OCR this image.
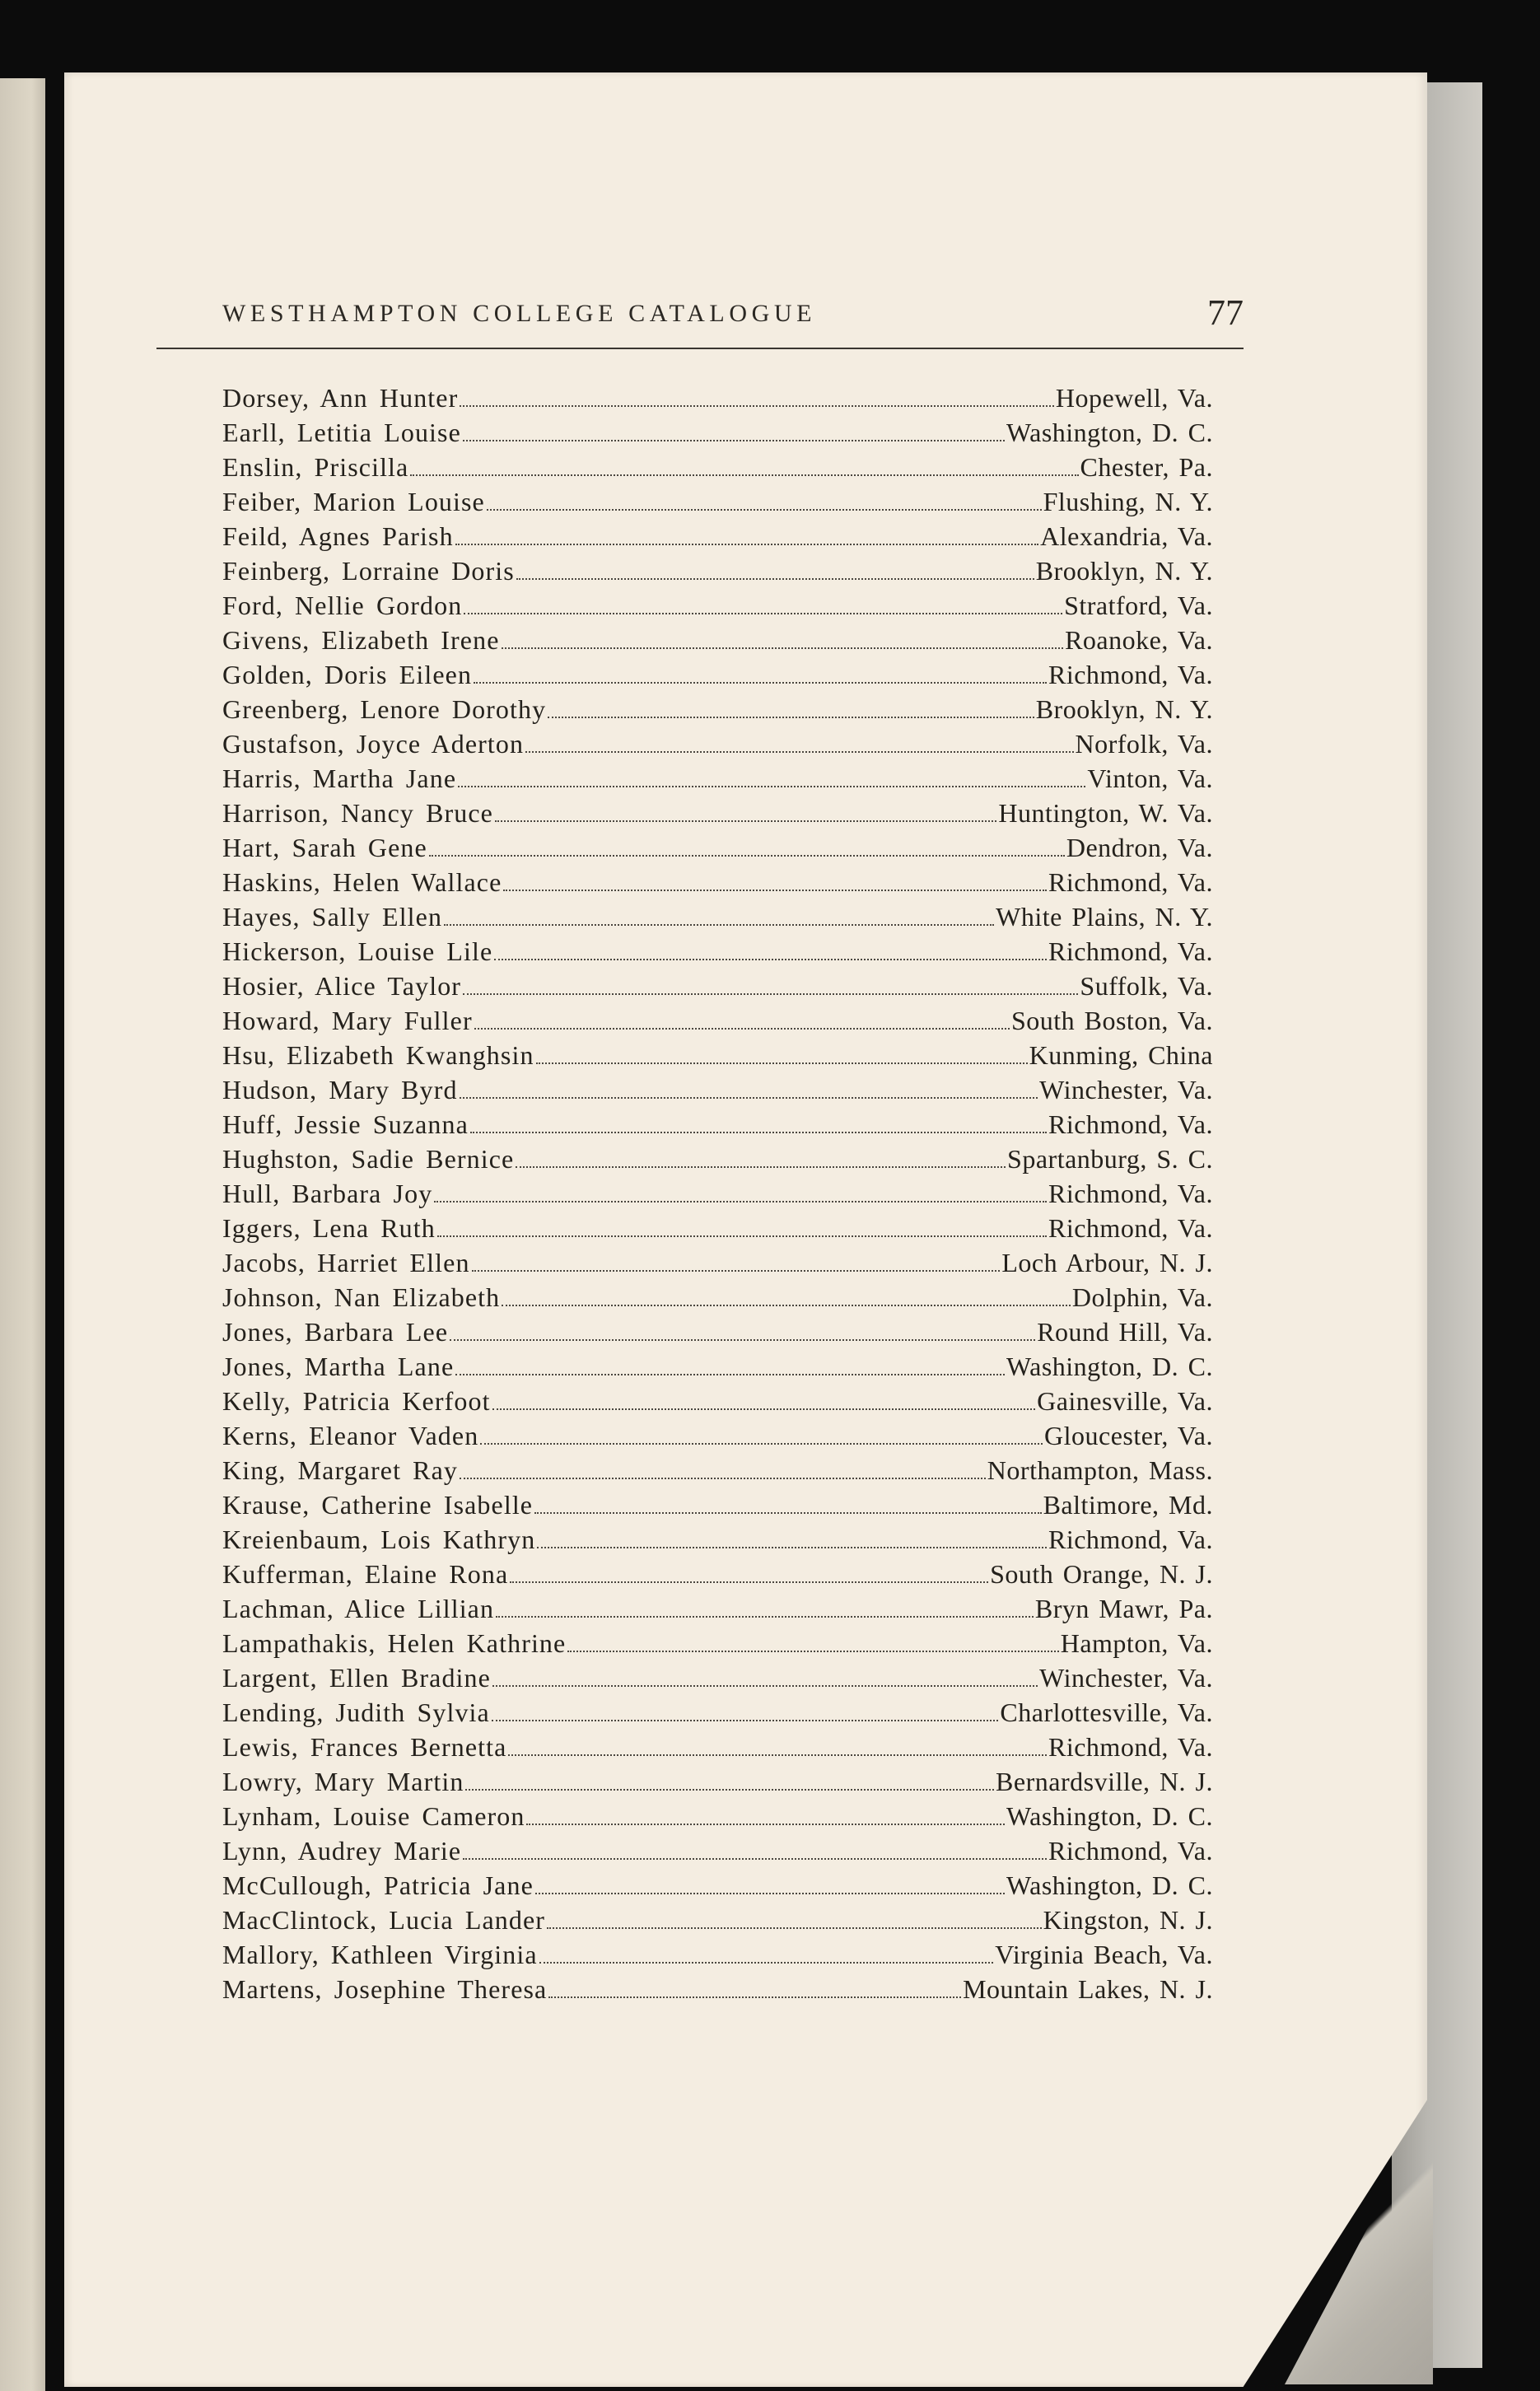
WESTHAMPTON COLLEGE CATALOGUE	77
Dorsey, Ann Hunter	Hopewell, Va.
Earll, Letitia Louise	Washington, D. C.
Enslin, Priscilla	Chester, Pa.
Feiber, Marion Louise	Flushing, N. Y.
Feild, Agnes Parish	Alexandria, Va.
Feinberg, Lorraine Doris	Brooklyn, N. Y.
Ford, Nellie Gordon	Stratford, Va.
Givens, Elizabeth Irene	Roanoke, Va.
Golden, Doris Eileen	Richmond, Va.
Greenberg, Lenore Dorothy	Brooklyn, N. Y.
Gustafson, Joyce Aderton	Norfolk, Va.
Harris, Martha Jane	Vinton, Va.
Harrison, Nancy Bruce	Huntington, W. Va.
Hart, Sarah Gene	Dendron, Va.
Haskins, Helen Wallace	Richmond, Va.
Hayes, Sally Ellen	White Plains, N. Y.
Hickerson, Louise Lile	Richmond, Va.
Hosier, Alice Taylor	Suffolk, Va.
Howard, Mary Fuller	South Boston, Va.
Hsu, Elizabeth Kwanghsin	Kunming, China
Hudson, Mary Byrd	Winchester, Va.
Huff, Jessie Suzanna	Richmond, Va.
Hughston, Sadie Bernice	Spartanburg, S. C.
Hull, Barbara Joy	Richmond, Va.
Iggers, Lena Ruth	Richmond, Va.
Jacobs, Harriet Ellen	Loch Arbour, N. J.
Johnson, Nan Elizabeth	Dolphin, Va.
Jones, Barbara Lee	Round Hill, Va.
Jones, Martha Lane	Washington, D. C.
Kelly, Patricia Kerfoot	Gainesville, Va.
Kerns, Eleanor Vaden	Gloucester, Va.
King, Margaret Ray	Northampton, Mass.
Krause, Catherine Isabelle	Baltimore, Md.
Kreienbaum, Lois Kathryn	Richmond, Va.
Kufferman, Elaine Rona	South Orange, N. J.
Lachman, Alice Lillian	Bryn Mawr, Pa.
Lampathakis, Helen Kathrine	Hampton, Va.
Largent, Ellen Bradine	Winchester, Va.
Lending, Judith Sylvia	Charlottesville, Va.
Lewis, Frances Bernetta	Richmond, Va.
Lowry, Mary Martin	Bernardsville, N. J.
Lynham, Louise Cameron	Washington, D. C.
Lynn, Audrey Marie	Richmond, Va.
McCullough, Patricia Jane	Washington, D. C.
MacClintock, Lucia Lander	Kingston, N. J.
Mallory, Kathleen Virginia	Virginia Beach, Va.
Martens, Josephine Theresa	Mountain Lakes, N. J.
